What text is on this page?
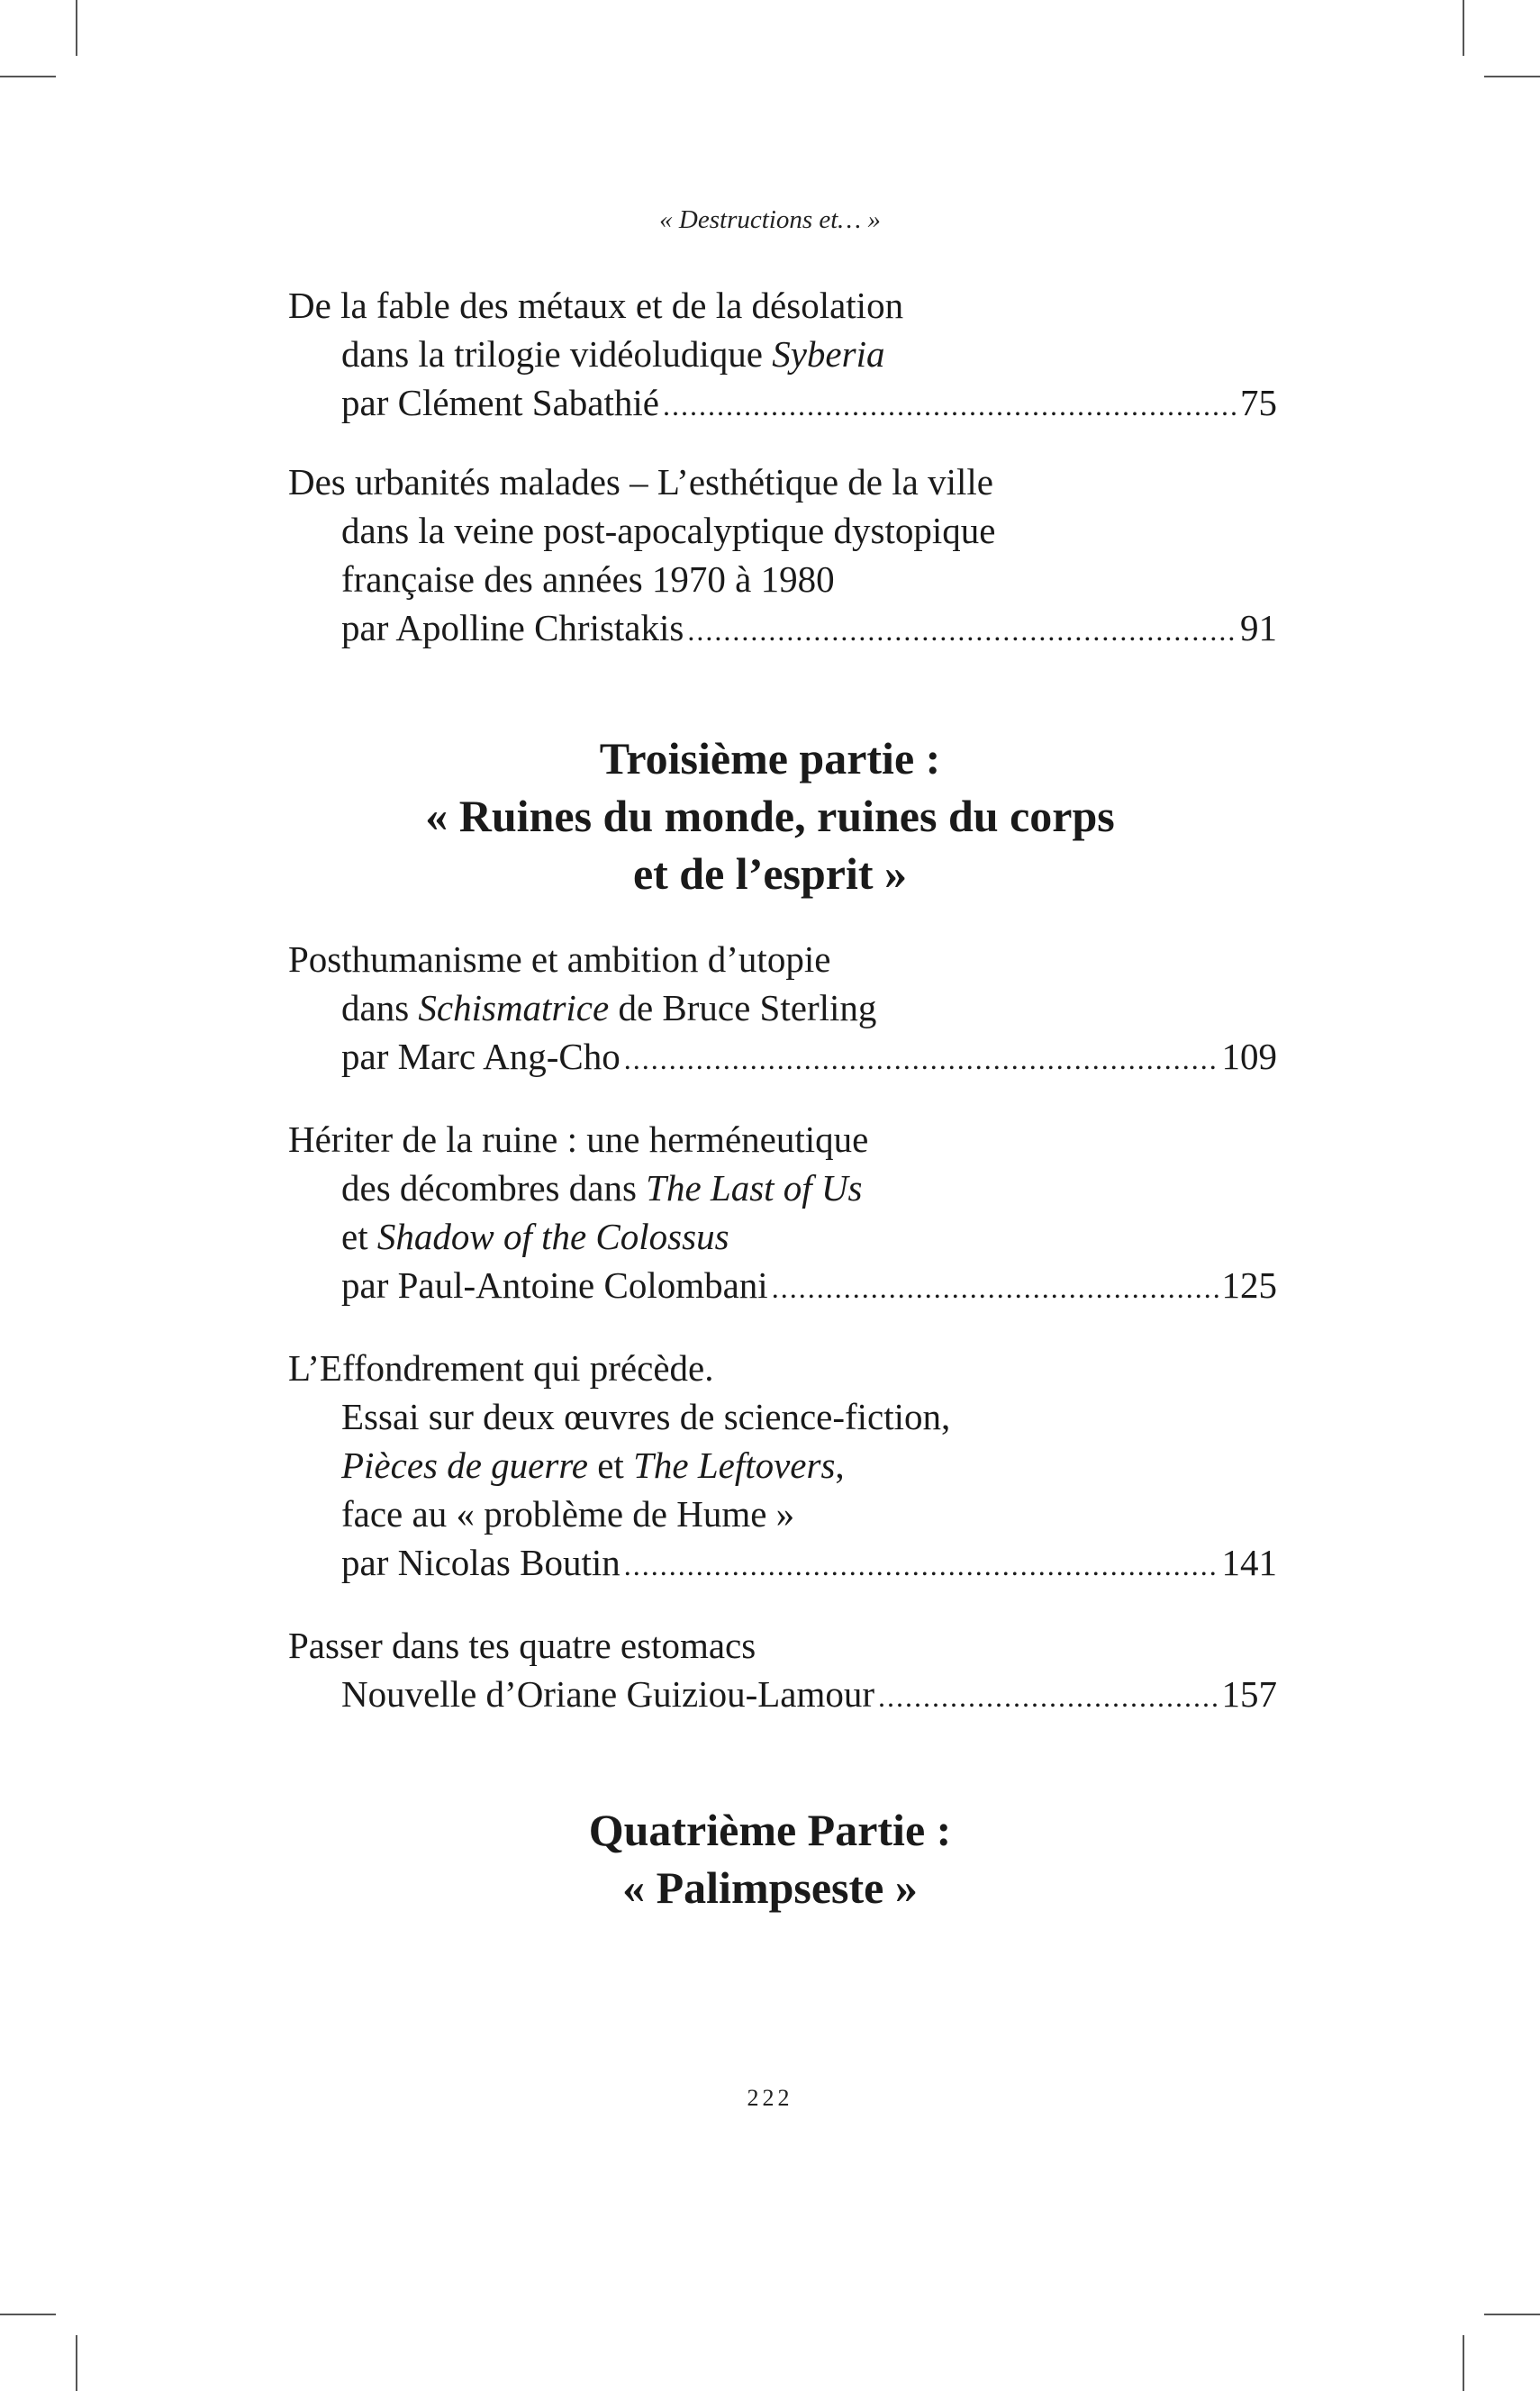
« Destructions et… »
De la fable des métaux et de la désolation
dans la trilogie vidéoludique Syberia
par Clément Sabathié .....	75
Des urbanités malades – L’esthétique de la ville
dans la veine post-apocalyptique dystopique
française des années 1970 à 1980
par Apolline Christakis .....	91
Troisième partie :
« Ruines du monde, ruines du corps
et de l’esprit »
Posthumanisme et ambition d’utopie
dans Schismatrice de Bruce Sterling
par Marc Ang-Cho .....	109
Hériter de la ruine : une herméneutique
des décombres dans The Last of Us
et Shadow of the Colossus
par Paul-Antoine Colombani .....	125
L’Effondrement qui précède.
Essai sur deux œuvres de science-fiction,
Pièces de guerre et The Leftovers,
face au « problème de Hume »
par Nicolas Boutin .....	141
Passer dans tes quatre estomacs
Nouvelle d’Oriane Guiziou-Lamour .....	157
Quatrième Partie :
« Palimpseste »
222
